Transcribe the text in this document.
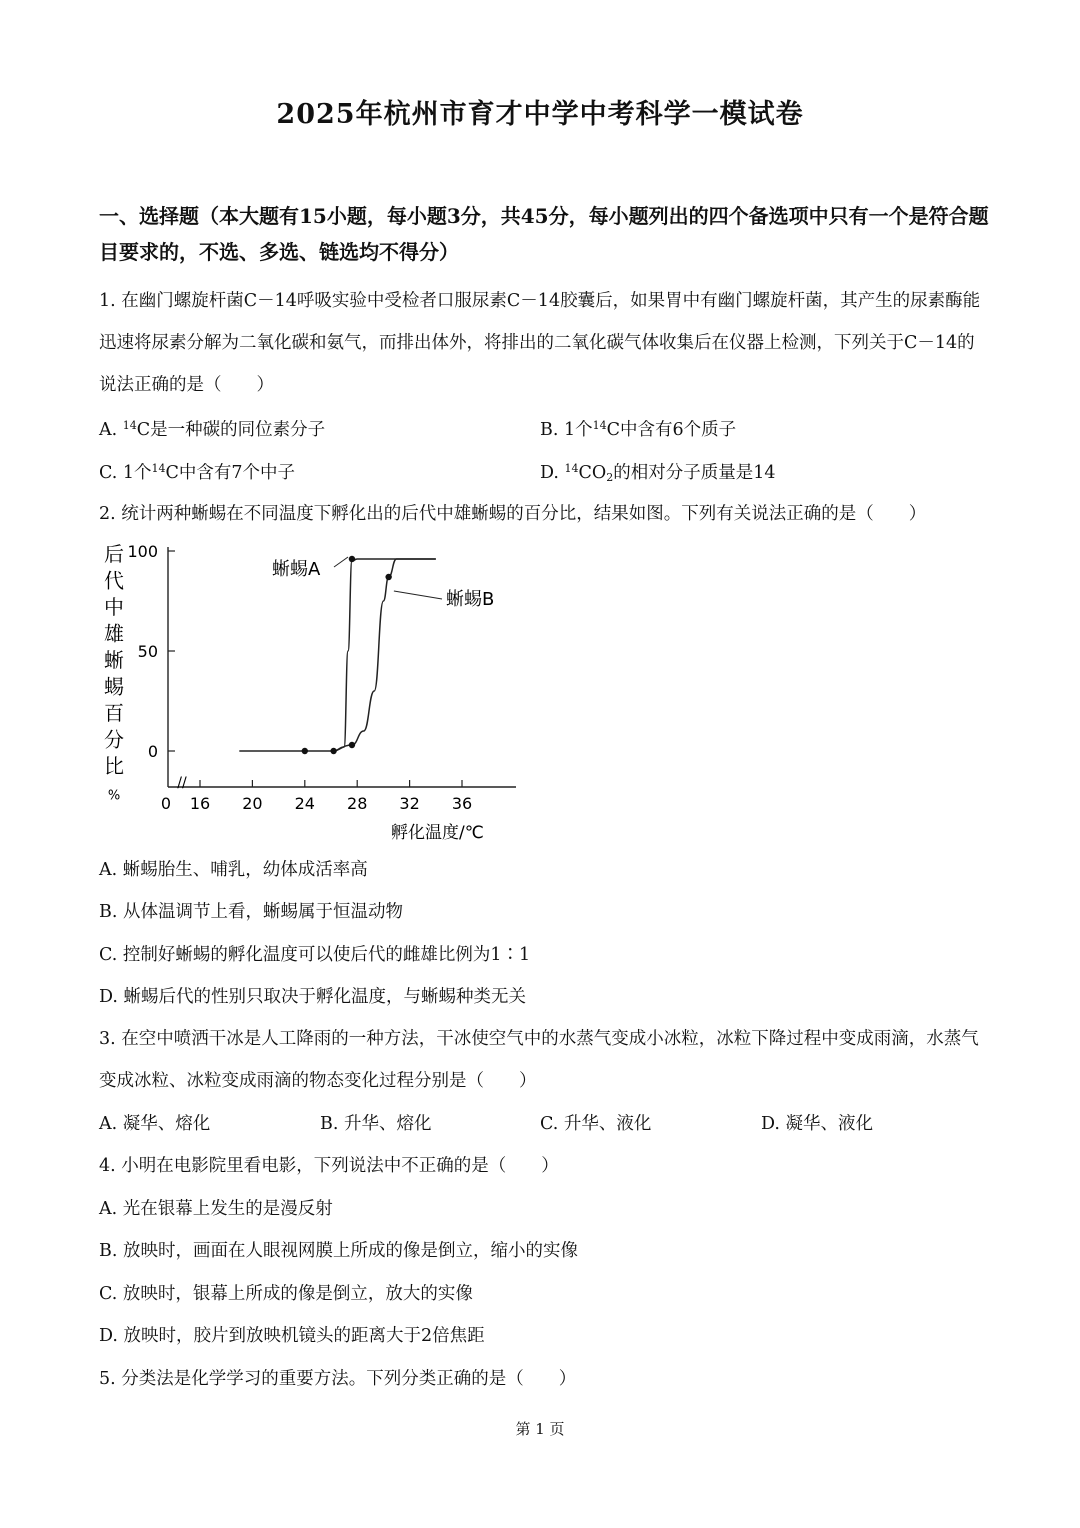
2025年杭州市育才中学中考科学一模试卷
一、选择题（本大题有15小题，每小题3分，共45分，每小题列出的四个备选项中只有一个是符合题目要求的，不选、多选、链选均不得分）
1. 在幽门螺旋杆菌C－14呼吸实验中受检者口服尿素C－14胶囊后，如果胃中有幽门螺旋杆菌，其产生的尿素酶能迅速将尿素分解为二氧化碳和氨气，而排出体外，将排出的二氧化碳气体收集后在仪器上检测，下列关于C－14的说法正确的是（　　）
A. $^{14}$C是一种碳的同位素分子	B. 1个$^{14}$C中含有6个质子
C. 1个$^{14}$C中含有7个中子	D. $^{14}CO_2$的相对分子质量是14
2. 统计两种蜥蜴在不同温度下孵化出的后代中雄蜥蜴的百分比，结果如图。下列有关说法正确的是（　　）
后
代
中
雄
蜥
蜴
百
分
比
%
//
100
50
0
0 16 20 24 28 32 36
蜥蜴A
蜥蜴B
孵化温度/℃
A. 蜥蜴胎生、哺乳，幼体成活率高
B. 从体温调节上看，蜥蜴属于恒温动物
C. 控制好蜥蜴的孵化温度可以使后代的雌雄比例为1∶1
D. 蜥蜴后代的性别只取决于孵化温度，与蜥蜴种类无关
3. 在空中喷洒干冰是人工降雨的一种方法，干冰使空气中的水蒸气变成小冰粒，冰粒下降过程中变成雨滴，水蒸气变成冰粒、冰粒变成雨滴的物态变化过程分别是（　　）
A. 凝华、熔化	B. 升华、熔化	C. 升华、液化	D. 凝华、液化
4. 小明在电影院里看电影，下列说法中不正确的是（　　）
A. 光在银幕上发生的是漫反射
B. 放映时，画面在人眼视网膜上所成的像是倒立，缩小的实像
C. 放映时，银幕上所成的像是倒立，放大的实像
D. 放映时，胶片到放映机镜头的距离大于2倍焦距
5. 分类法是化学学习的重要方法。下列分类正确的是（　　）
第 1 页
